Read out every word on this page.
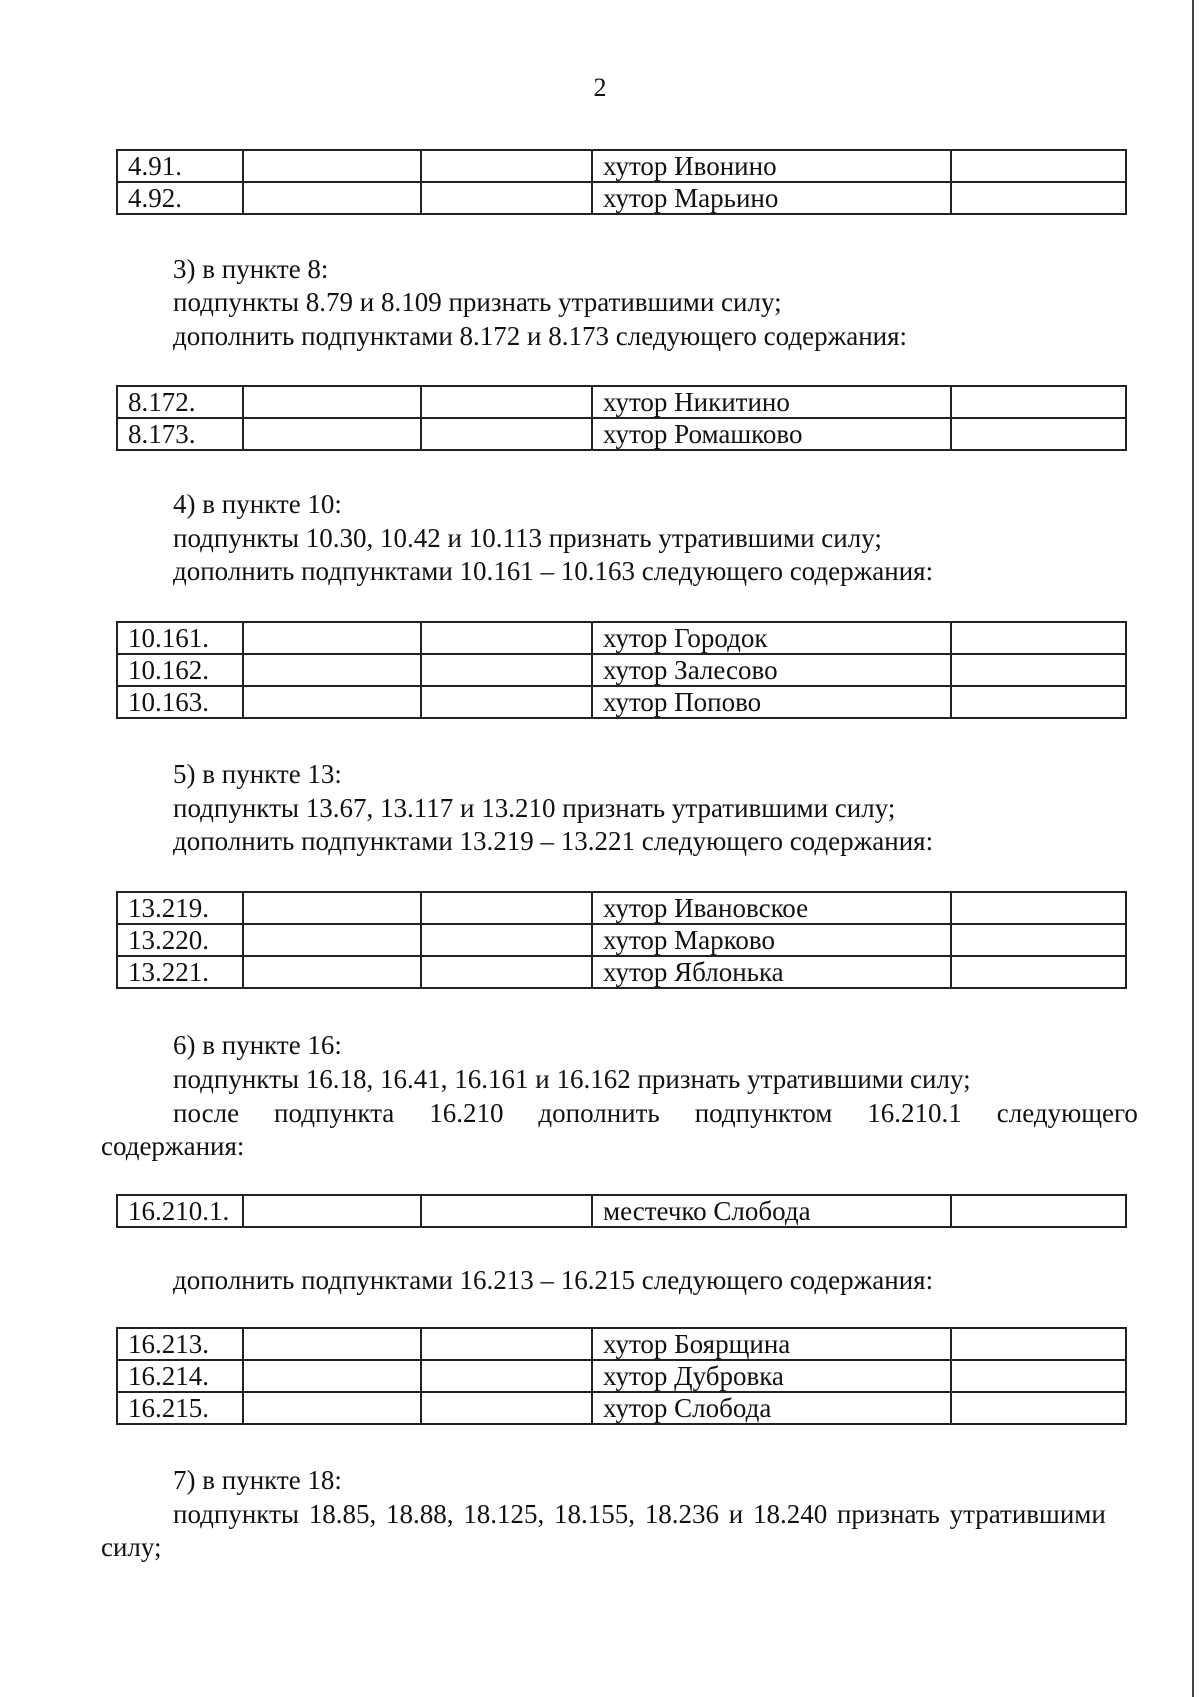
2
4.91.			хутор Ивонино	
4.92.			хутор Марьино	
3) в пункте 8:
подпункты 8.79 и 8.109 признать утратившими силу;
дополнить подпунктами 8.172 и 8.173 следующего содержания:
8.172.			хутор Никитино	
8.173.			хутор Ромашково	
4) в пункте 10:
подпункты 10.30, 10.42 и 10.113 признать утратившими силу;
дополнить подпунктами 10.161 – 10.163 следующего содержания:
10.161.			хутор Городок	
10.162.			хутор Залесово	
10.163.			хутор Попово	
5) в пункте 13:
подпункты 13.67, 13.117 и 13.210 признать утратившими силу;
дополнить подпунктами 13.219 – 13.221 следующего содержания:
13.219.			хутор Ивановское	
13.220.			хутор Марково	
13.221.			хутор Яблонька	
6) в пункте 16:
подпункты 16.18, 16.41, 16.161 и 16.162 признать утратившими силу;
после подпункта 16.210 дополнить подпунктом 16.210.1 следующего
содержания:
16.210.1.			местечко Слобода	
дополнить подпунктами 16.213 – 16.215 следующего содержания:
16.213.			хутор Боярщина	
16.214.			хутор Дубровка	
16.215.			хутор Слобода	
7) в пункте 18:
подпункты 18.85, 18.88, 18.125, 18.155, 18.236 и 18.240 признать утратившими
силу;
